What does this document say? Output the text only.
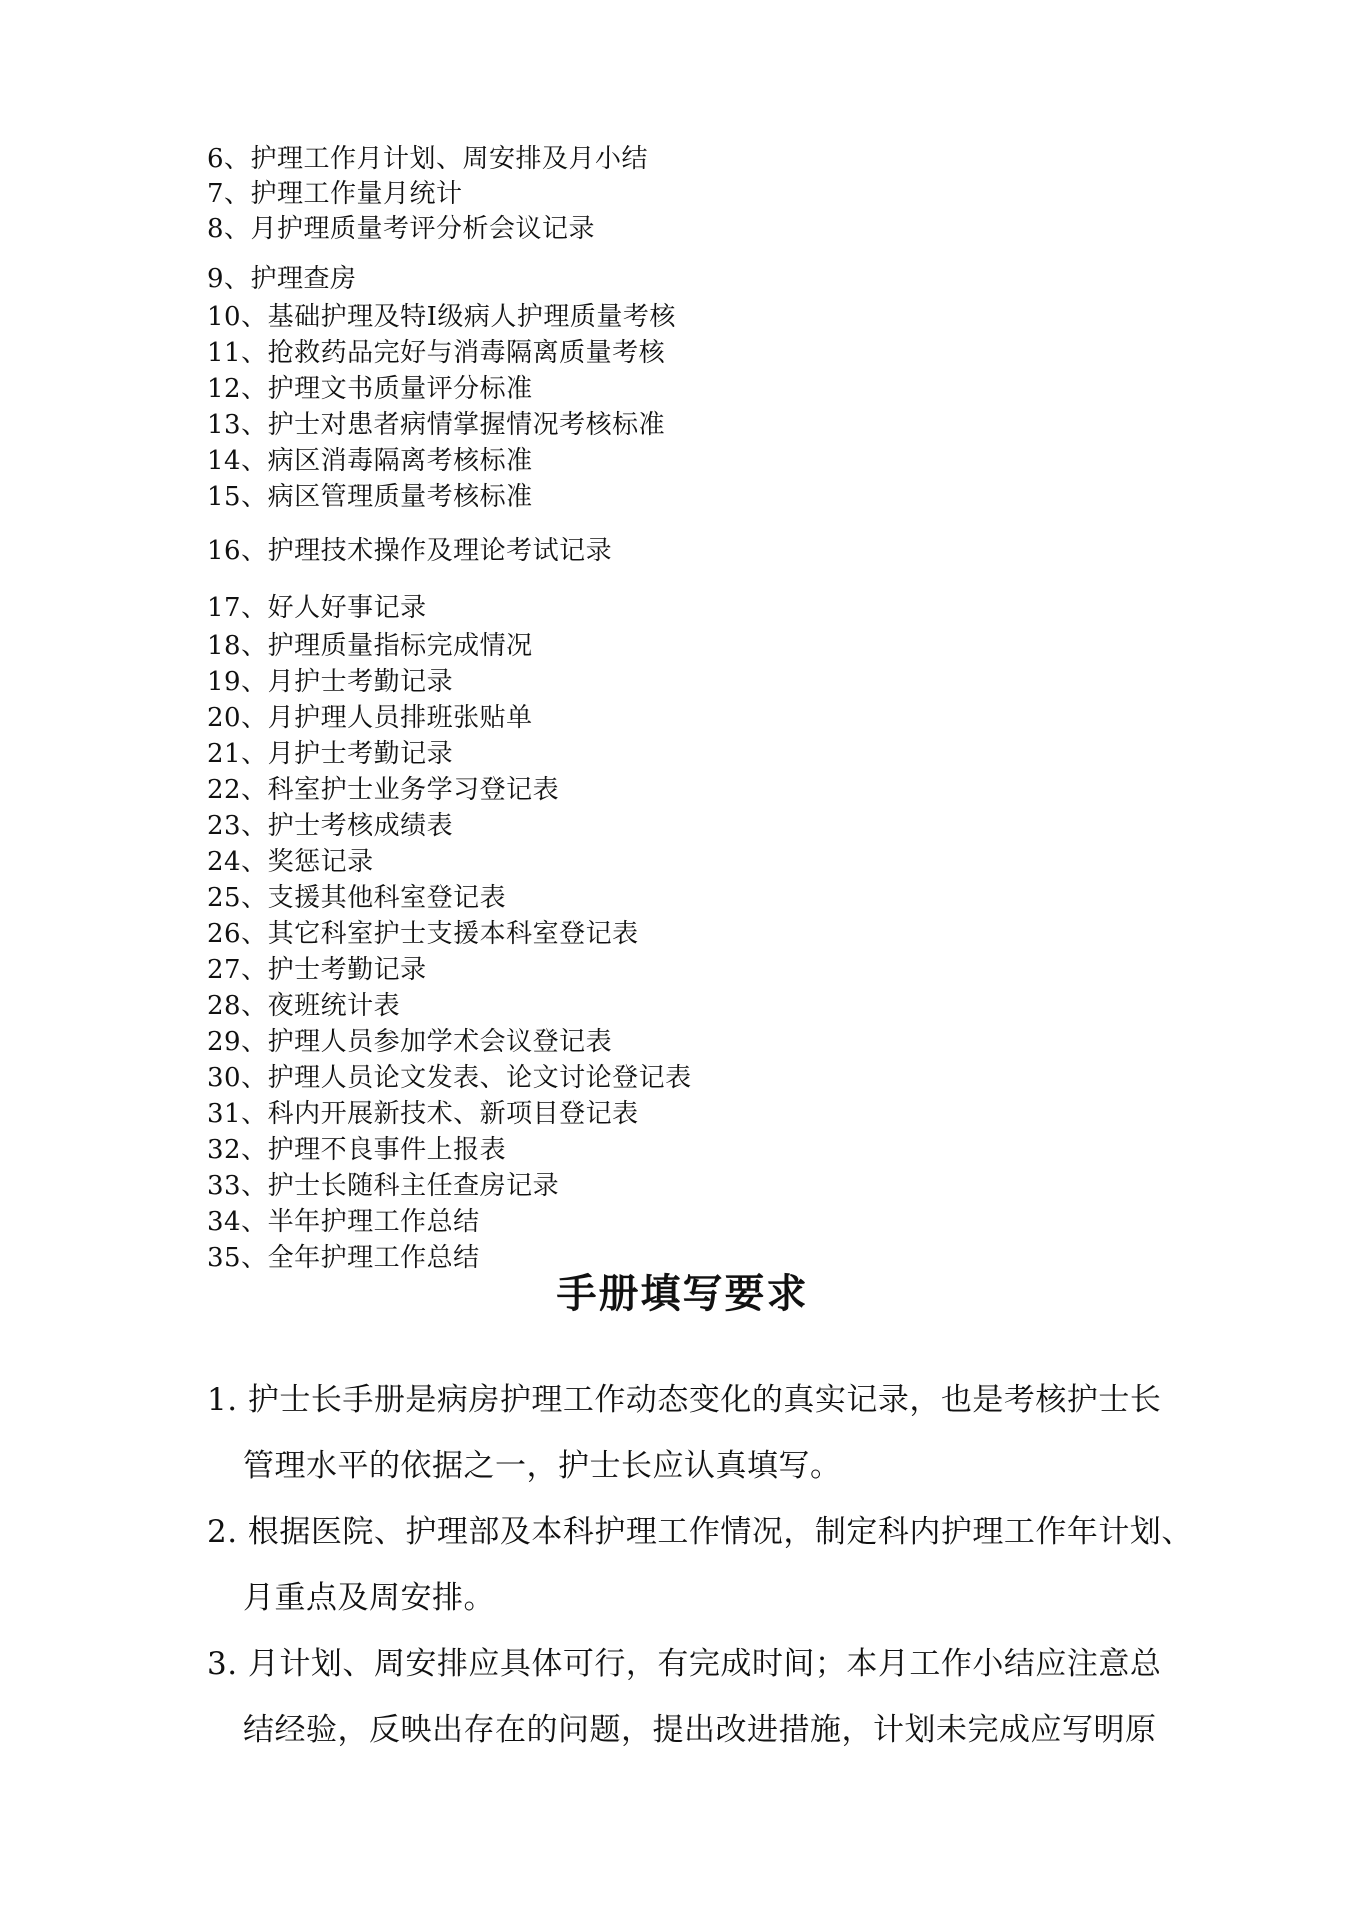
6、护理工作月计划、周安排及月小结
7、护理工作量月统计
8、月护理质量考评分析会议记录
9、护理查房
10、基础护理及特Ⅰ级病人护理质量考核
11、抢救药品完好与消毒隔离质量考核
12、护理文书质量评分标准
13、护士对患者病情掌握情况考核标准
14、病区消毒隔离考核标准
15、病区管理质量考核标准
16、护理技术操作及理论考试记录
17、好人好事记录
18、护理质量指标完成情况
19、月护士考勤记录
20、月护理人员排班张贴单
21、月护士考勤记录
22、科室护士业务学习登记表
23、护士考核成绩表
24、奖惩记录
25、支援其他科室登记表
26、其它科室护士支援本科室登记表
27、护士考勤记录
28、夜班统计表
29、护理人员参加学术会议登记表
30、护理人员论文发表、论文讨论登记表
31、科内开展新技术、新项目登记表
32、护理不良事件上报表
33、护士长随科主任查房记录
34、半年护理工作总结
35、全年护理工作总结
手册填写要求
1. 护士长手册是病房护理工作动态变化的真实记录，也是考核护士长
管理水平的依据之一，护士长应认真填写。
2. 根据医院、护理部及本科护理工作情况，制定科内护理工作年计划、
月重点及周安排。
3. 月计划、周安排应具体可行，有完成时间；本月工作小结应注意总
结经验，反映出存在的问题，提出改进措施，计划未完成应写明原
